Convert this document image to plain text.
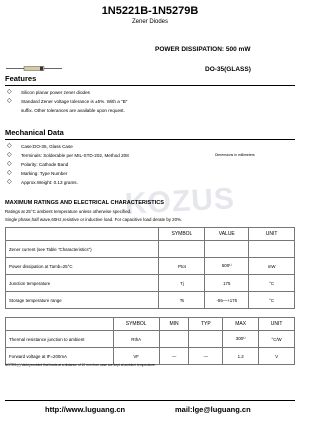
1N5221B-1N5279B
Zener Diodes
POWER DISSIPATION: 500 mW
DO-35(GLASS)
Features
◇ Silicon planar power zener diodes
◇ Standard Zener voltage tolerance is ±5%. With a "B"
suffix. Other tolerances are available upon request.
Mechanical Data
◇ Case:DO-35, Glass Case
◇ Terminals: Solderable per MIL-STD-202, Method 208
◇ Polarity: Cathode Band
◇ Marking: Type Number
◇ Approx.Weight: 0.13 grams.
Dimensions in millimeters
KOZUS
MAXIMUM RATINGS AND ELECTRICAL CHARACTERISTICS
Ratings at 25°C ambient temperature unless otherwise specified.
Single phase,half wave,60Hz,resistive or inductive load. For capacitive load derate by 20%.
	SYMBOL	VALUE	UNIT
Zener current (see Table "Characteristics")			
Power dissipation at Tamb=25°C	Ptot	500¹⁾	mW
Junction temperature	Tj	175	°C
Storage temperature range	Ts	-55—+175	°C
	SYMBOL	MIN	TYP	MAX	UNIT
Thermal resistance junction to ambient	RthA			300¹⁾	°C/W
Forward voltage at IF=200mA	VF	—	—	1.2	V
NOTES:(¹) Valid provided that leads at a distance of 10 mm from case are kept at ambient temperature.
http://www.luguang.cn	mail:lge@luguang.cn
